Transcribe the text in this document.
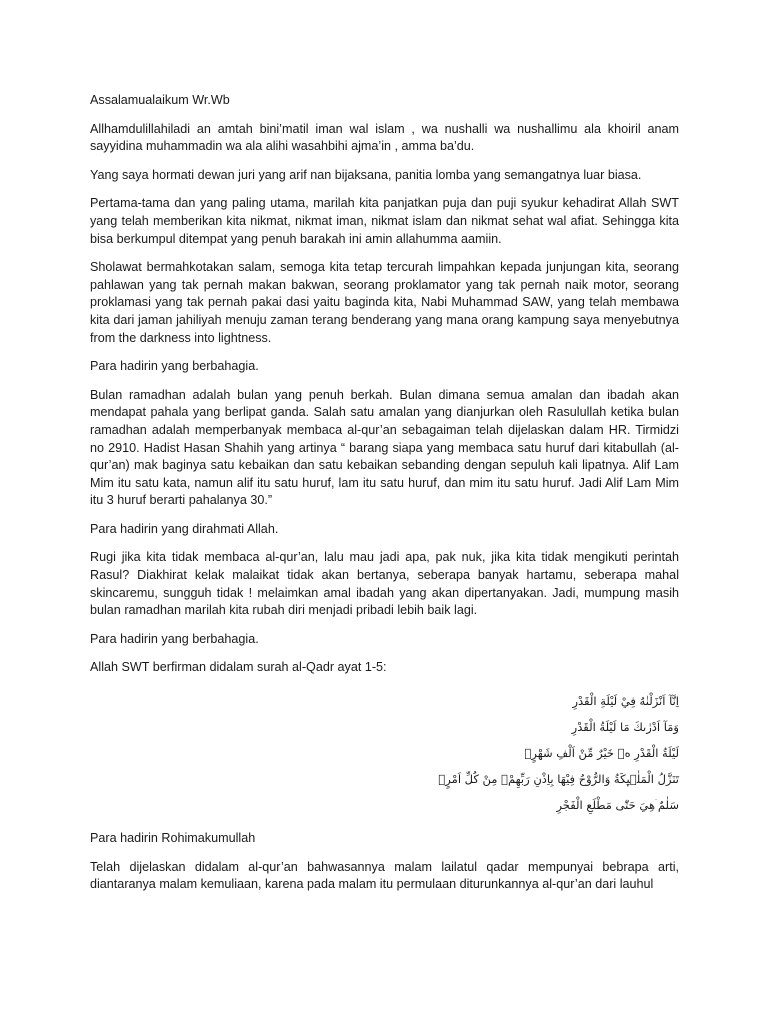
Assalamualaikum Wr.Wb

Allhamdulillahiladi an amtah bini’matil iman wal islam , wa nushalli wa nushallimu ala khoiril anam sayyidina muhammadin wa ala alihi wasahbihi ajma’in , amma ba’du.

Yang saya hormati dewan juri yang arif nan bijaksana, panitia lomba yang semangatnya luar biasa.

Pertama-tama dan yang paling utama, marilah kita panjatkan puja dan puji syukur kehadirat Allah SWT yang telah memberikan kita nikmat, nikmat iman, nikmat islam dan nikmat sehat wal afiat. Sehingga kita bisa berkumpul ditempat yang penuh barakah ini amin allahumma aamiin.

Sholawat bermahkotakan salam, semoga kita tetap tercurah limpahkan kepada junjungan kita, seorang pahlawan yang tak pernah makan bakwan, seorang proklamator yang tak pernah naik motor, seorang proklamasi yang tak pernah pakai dasi yaitu baginda kita, Nabi Muhammad SAW, yang telah membawa kita dari jaman jahiliyah menuju zaman terang benderang yang mana orang kampung saya menyebutnya from the darkness into lightness.

Para hadirin yang berbahagia.

Bulan ramadhan adalah bulan yang penuh berkah. Bulan dimana semua amalan dan ibadah akan mendapat pahala yang berlipat ganda. Salah satu amalan yang dianjurkan oleh Rasulullah ketika bulan ramadhan adalah memperbanyak membaca al-qur’an sebagaiman telah dijelaskan dalam HR. Tirmidzi no 2910. Hadist Hasan Shahih yang artinya “ barang siapa yang membaca satu huruf dari kitabullah (al-qur’an) mak baginya satu kebaikan dan satu kebaikan sebanding dengan sepuluh kali lipatnya. Alif Lam Mim itu satu kata, namun alif itu satu huruf, lam itu satu huruf, dan mim itu satu huruf. Jadi Alif Lam Mim itu 3 huruf berarti pahalanya 30.”

Para hadirin yang dirahmati Allah.

Rugi jika kita tidak membaca al-qur’an, lalu mau jadi apa, pak nuk, jika kita tidak mengikuti perintah Rasul? Diakhirat kelak malaikat tidak akan bertanya, seberapa banyak hartamu, seberapa mahal skincaremu, sungguh tidak ! melaimkan amal ibadah yang akan dipertanyakan. Jadi, mumpung masih bulan ramadhan marilah kita rubah diri menjadi pribadi lebih baik lagi.

Para hadirin yang berbahagia.

Allah SWT berfirman didalam surah al-Qadr ayat 1-5:

اِنَّآ اَنْزَلْنٰهُ فِيْ لَيْلَةِ الْقَدْرِ
وَمَآ اَدْرٰىكَ مَا لَيْلَةُ الْقَدْرِ
لَيْلَةُ الْقَدْرِ ەۙ خَيْرٌ مِّنْ اَلْفِ شَهْرٍۗ
تَنَزَّلُ الْمَلٰۤىِٕكَةُ وَالرُّوْحُ فِيْهَا بِاِذْنِ رَبِّهِمْۚ مِنْ كُلِّ اَمْرٍۛ
سَلٰمٌ ۛهِيَ حَتّٰى مَطْلَعِ الْفَجْرِ

Para hadirin Rohimakumullah

Telah dijelaskan didalam al-qur’an bahwasannya malam lailatul qadar mempunyai bebrapa arti, diantaranya malam kemuliaan, karena pada malam itu permulaan diturunkannya al-qur’an dari lauhul
